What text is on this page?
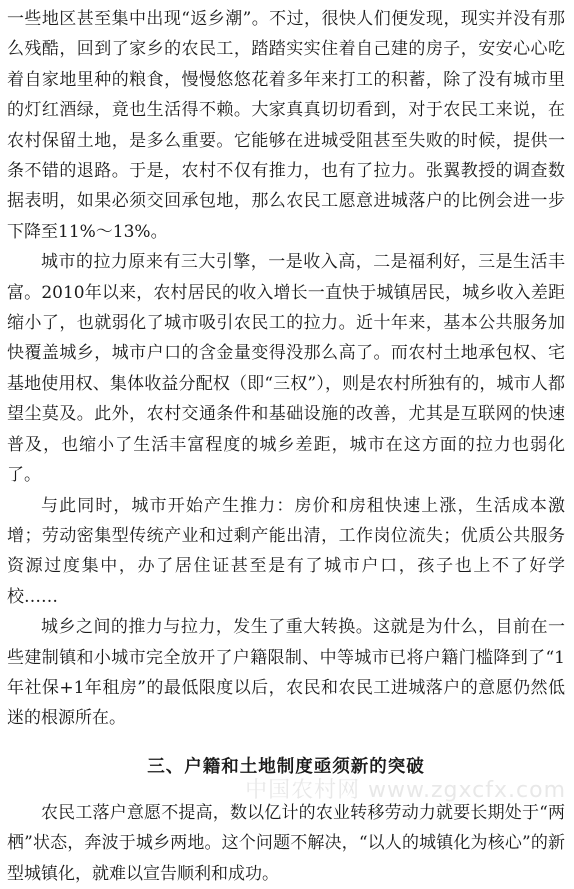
一些地区甚至集中出现“返乡潮”。不过，很快人们便发现，现实并没有那么残酷，回到了家乡的农民工，踏踏实实住着自己建的房子，安安心心吃着自家地里种的粮食，慢慢悠悠花着多年来打工的积蓄，除了没有城市里的灯红酒绿，竟也生活得不赖。大家真真切切看到，对于农民工来说，在农村保留土地，是多么重要。它能够在进城受阻甚至失败的时候，提供一条不错的退路。于是，农村不仅有推力，也有了拉力。张翼教授的调查数据表明，如果必须交回承包地，那么农民工愿意进城落户的比例会进一步下降至11%～13%。

城市的拉力原来有三大引擎，一是收入高，二是福利好，三是生活丰富。2010年以来，农村居民的收入增长一直快于城镇居民，城乡收入差距缩小了，也就弱化了城市吸引农民工的拉力。近十年来，基本公共服务加快覆盖城乡，城市户口的含金量变得没那么高了。而农村土地承包权、宅基地使用权、集体收益分配权（即“三权”），则是农村所独有的，城市人都望尘莫及。此外，农村交通条件和基础设施的改善，尤其是互联网的快速普及，也缩小了生活丰富程度的城乡差距，城市在这方面的拉力也弱化了。

与此同时，城市开始产生推力：房价和房租快速上涨，生活成本激增；劳动密集型传统产业和过剩产能出清，工作岗位流失；优质公共服务资源过度集中，办了居住证甚至是有了城市户口，孩子也上不了好学校……

城乡之间的推力与拉力，发生了重大转换。这就是为什么，目前在一些建制镇和小城市完全放开了户籍限制、中等城市已将户籍门槛降到了“1年社保+1年租房”的最低限度以后，农民和农民工进城落户的意愿仍然低迷的根源所在。

三、户籍和土地制度亟须新的突破

农民工落户意愿不提高，数以亿计的农业转移劳动力就要长期处于“两栖”状态，奔波于城乡两地。这个问题不解决，“以人的城镇化为核心”的新型城镇化，就难以宣告顺利和成功。

中国农村网 www.zgxcfx.com
